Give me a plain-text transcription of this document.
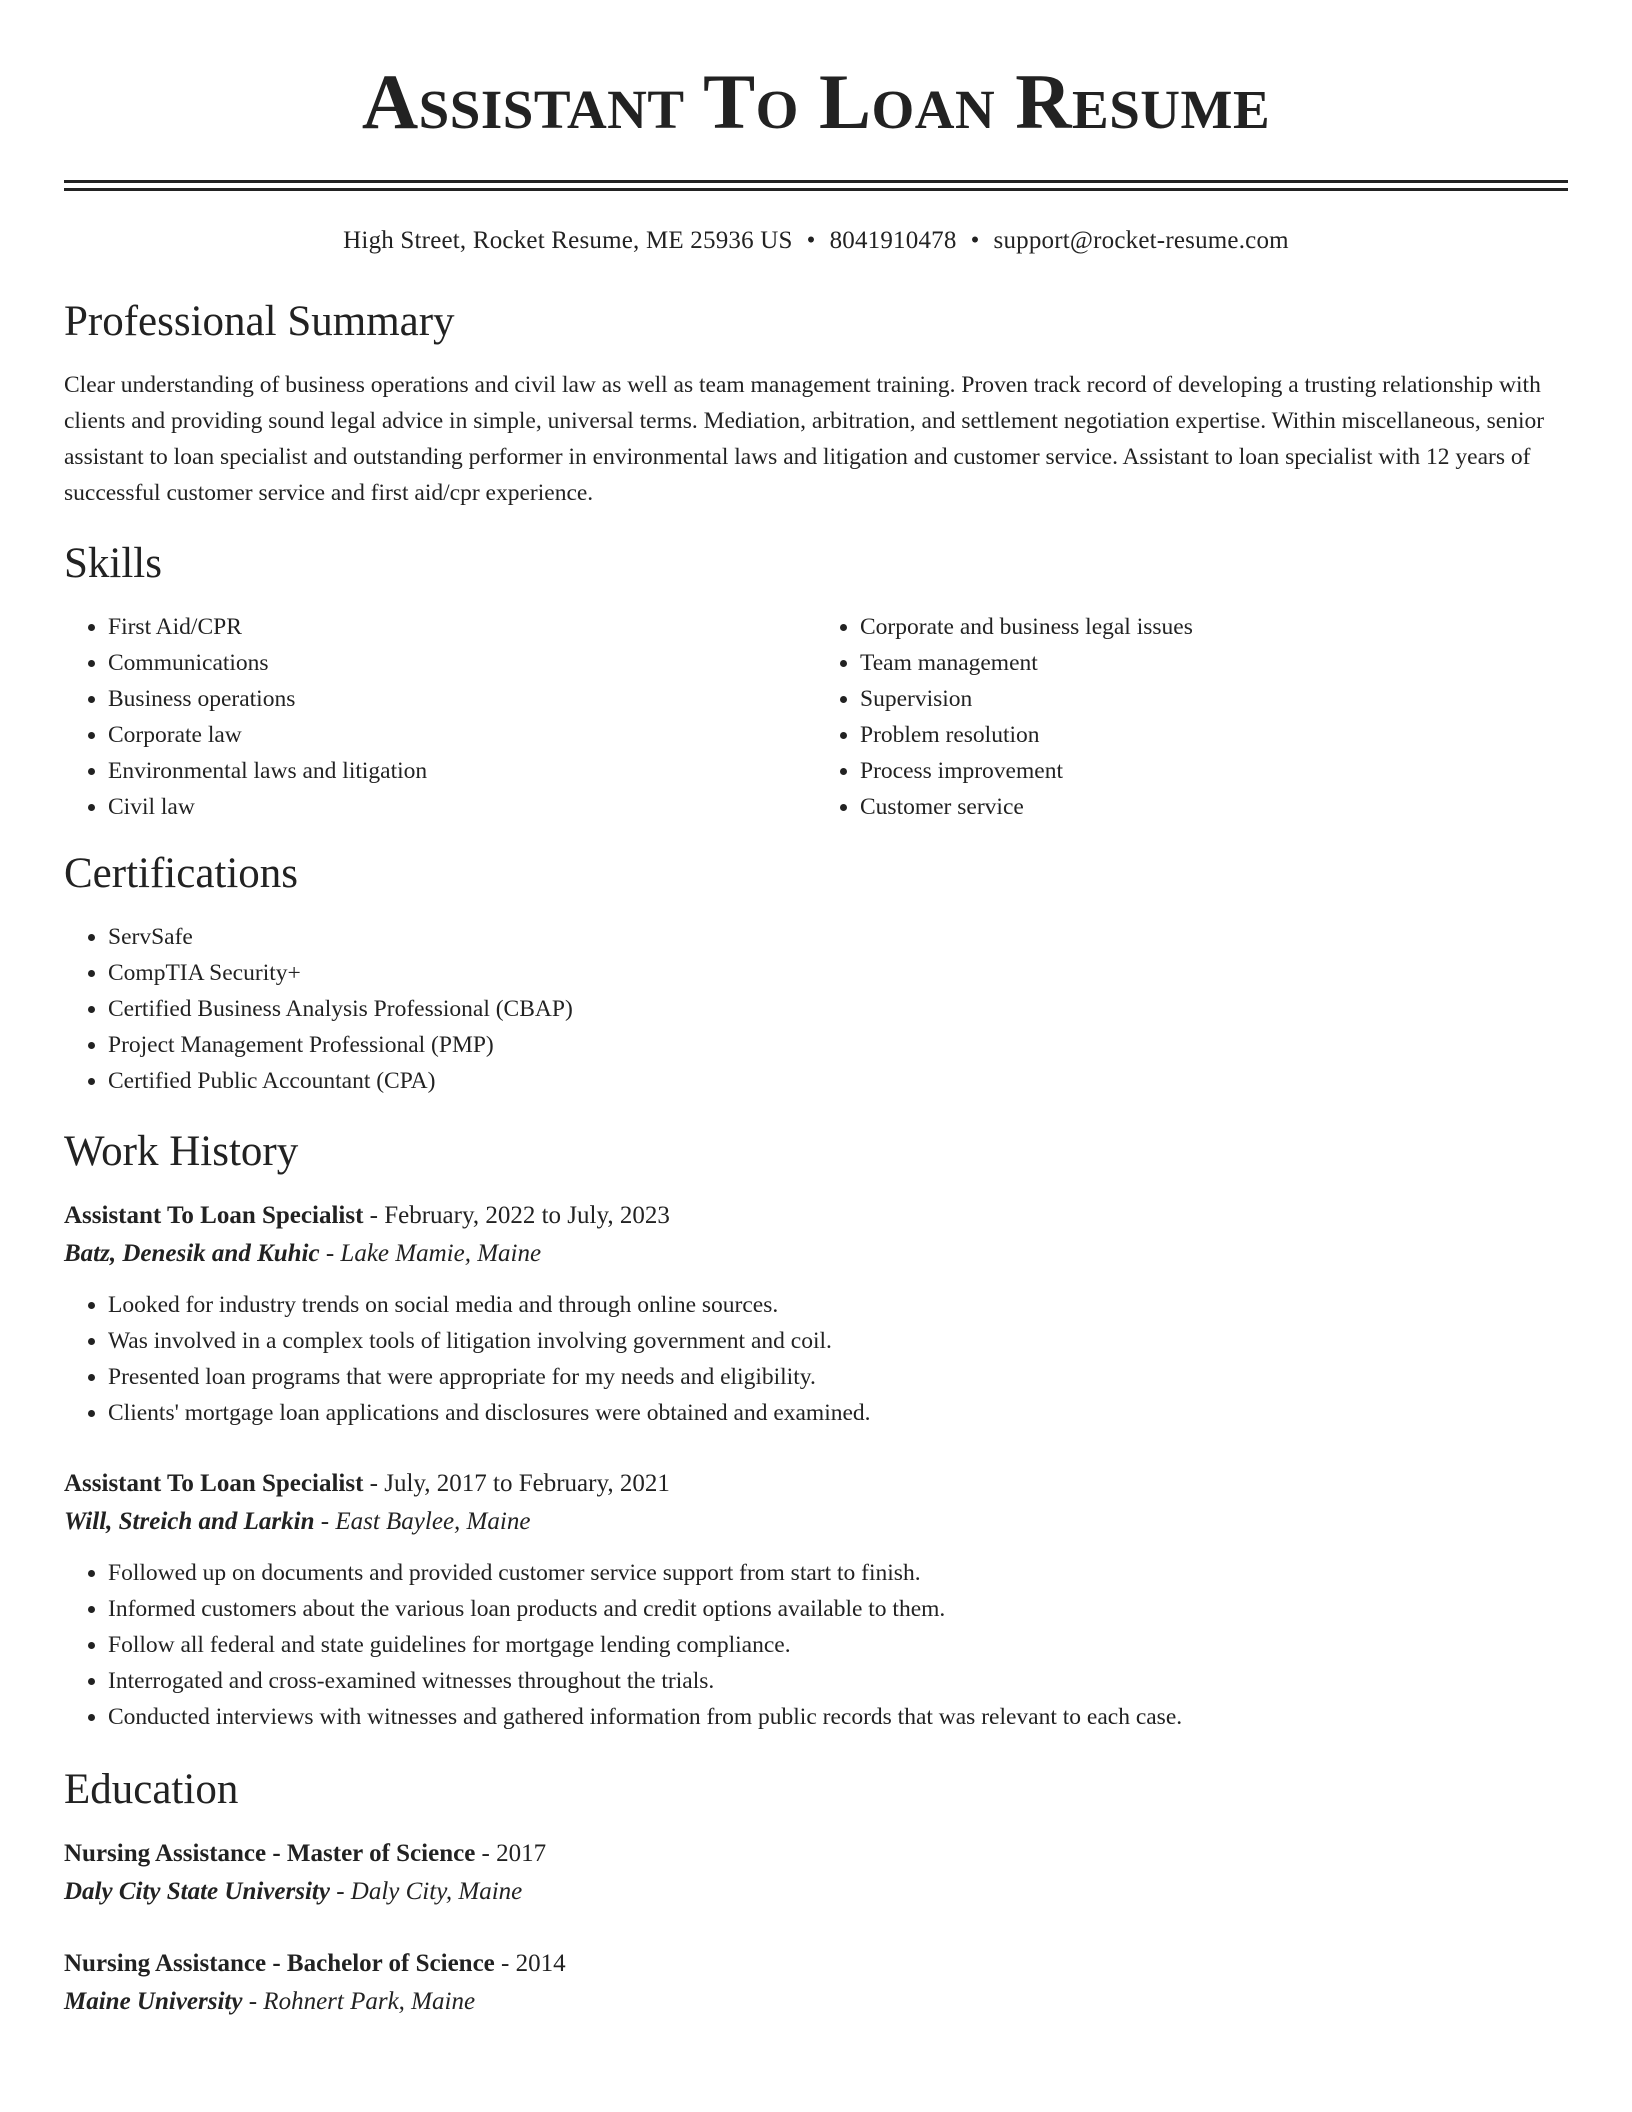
Assistant To Loan Resume
High Street, Rocket Resume, ME 25936 US • 8041910478 • support@rocket-resume.com
Professional Summary

Clear understanding of business operations and civil law as well as team management training. Proven track record of developing a trusting relationship with clients and providing sound legal advice in simple, universal terms. Mediation, arbitration, and settlement negotiation expertise. Within miscellaneous, senior assistant to loan specialist and outstanding performer in environmental laws and litigation and customer service. Assistant to loan specialist with 12 years of successful customer service and first aid/cpr experience.

Skills
• First Aid/CPR
• Communications
• Business operations
• Corporate law
• Environmental laws and litigation
• Civil law
• Corporate and business legal issues
• Team management
• Supervision
• Problem resolution
• Process improvement
• Customer service
Certifications
• ServSafe
• CompTIA Security+
• Certified Business Analysis Professional (CBAP)
• Project Management Professional (PMP)
• Certified Public Accountant (CPA)
Work History
Assistant To Loan Specialist - February, 2022 to July, 2023
Batz, Denesik and Kuhic - Lake Mamie, Maine
• Looked for industry trends on social media and through online sources.
• Was involved in a complex tools of litigation involving government and coil.
• Presented loan programs that were appropriate for my needs and eligibility.
• Clients' mortgage loan applications and disclosures were obtained and examined.
Assistant To Loan Specialist - July, 2017 to February, 2021
Will, Streich and Larkin - East Baylee, Maine
• Followed up on documents and provided customer service support from start to finish.
• Informed customers about the various loan products and credit options available to them.
• Follow all federal and state guidelines for mortgage lending compliance.
• Interrogated and cross-examined witnesses throughout the trials.
• Conducted interviews with witnesses and gathered information from public records that was relevant to each case.
Education
Nursing Assistance - Master of Science - 2017
Daly City State University - Daly City, Maine
Nursing Assistance - Bachelor of Science - 2014
Maine University - Rohnert Park, Maine
